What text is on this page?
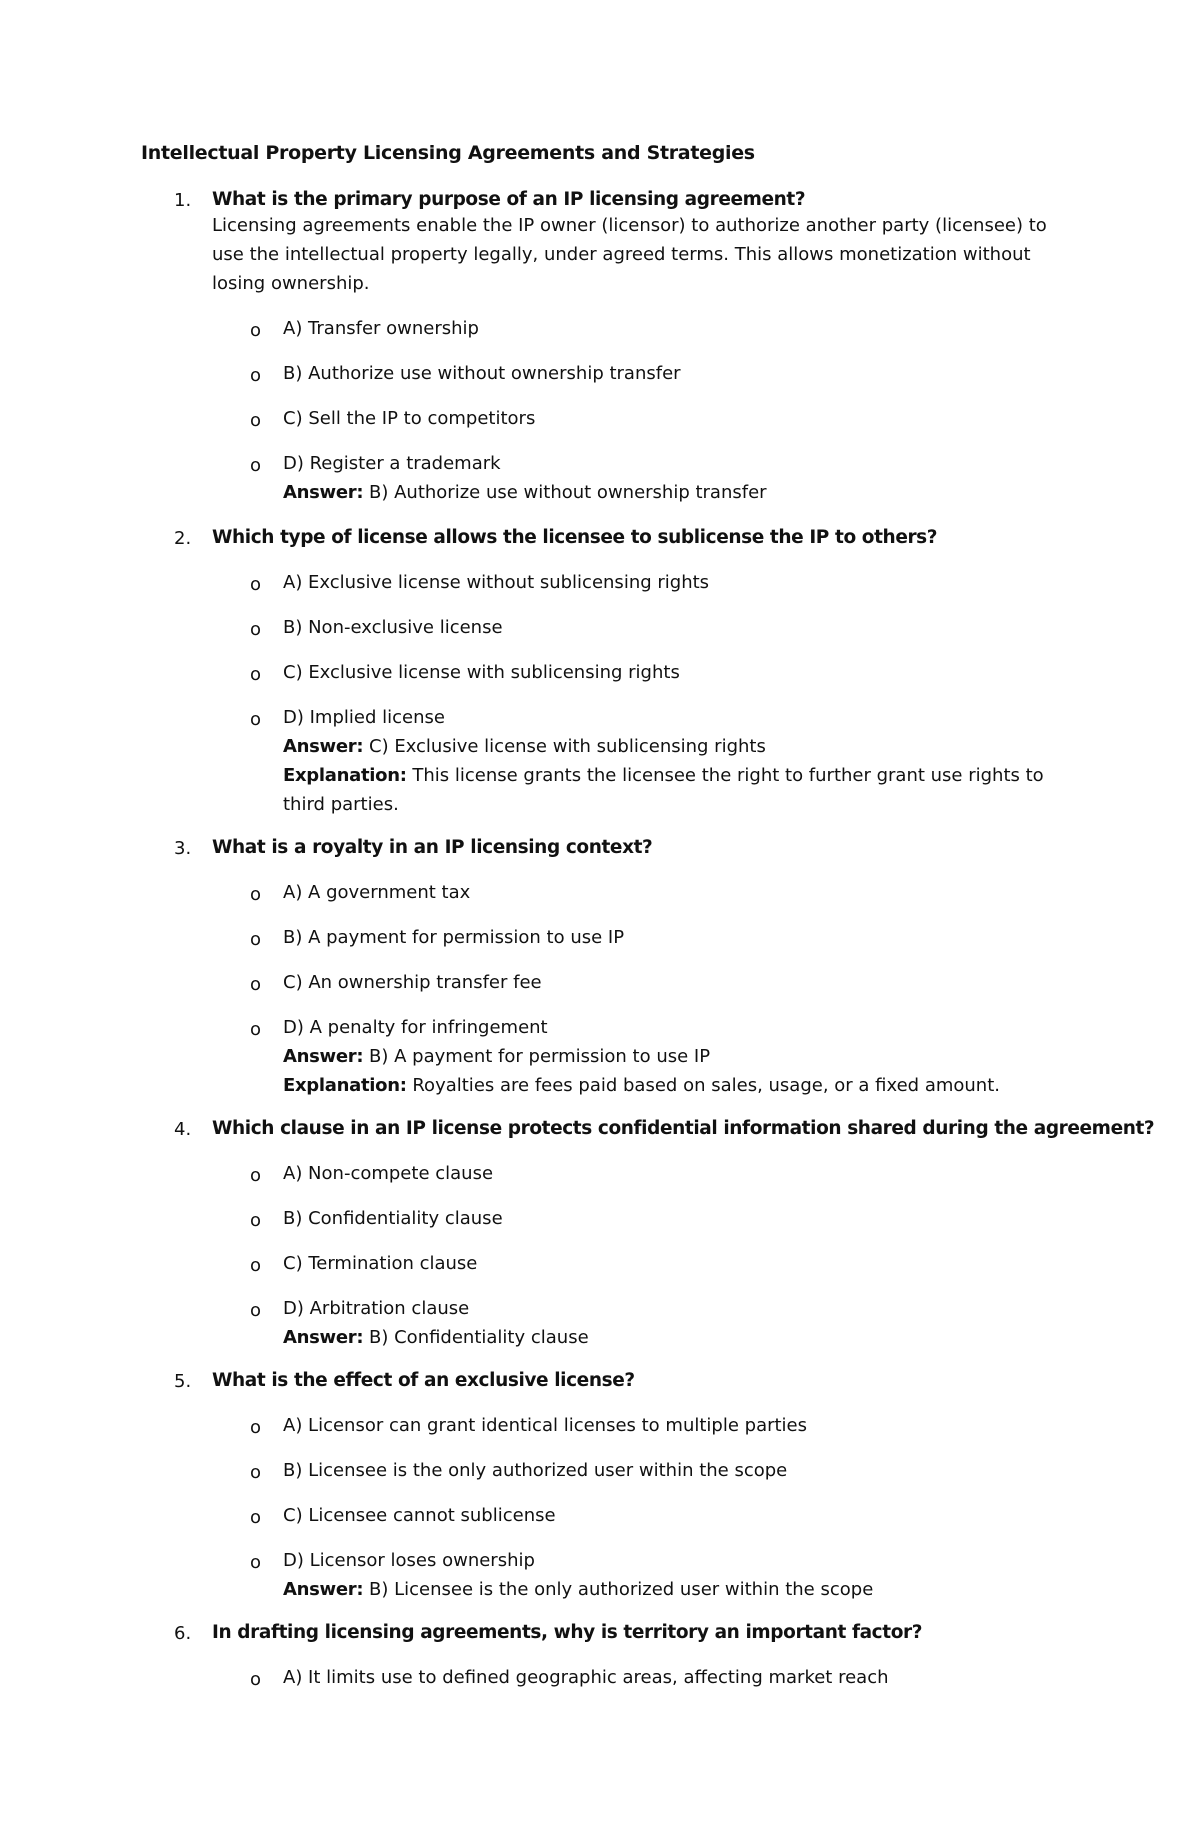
Intellectual Property Licensing Agreements and Strategies
1. What is the primary purpose of an IP licensing agreement?
Licensing agreements enable the IP owner (licensor) to authorize another party (licensee) to use the intellectual property legally, under agreed terms. This allows monetization without losing ownership.
o A) Transfer ownership
o B) Authorize use without ownership transfer
o C) Sell the IP to competitors
o D) Register a trademark
Answer: B) Authorize use without ownership transfer
2. Which type of license allows the licensee to sublicense the IP to others?
o A) Exclusive license without sublicensing rights
o B) Non-exclusive license
o C) Exclusive license with sublicensing rights
o D) Implied license
Answer: C) Exclusive license with sublicensing rights
Explanation: This license grants the licensee the right to further grant use rights to third parties.
3. What is a royalty in an IP licensing context?
o A) A government tax
o B) A payment for permission to use IP
o C) An ownership transfer fee
o D) A penalty for infringement
Answer: B) A payment for permission to use IP
Explanation: Royalties are fees paid based on sales, usage, or a fixed amount.
4. Which clause in an IP license protects confidential information shared during the agreement?
o A) Non-compete clause
o B) Confidentiality clause
o C) Termination clause
o D) Arbitration clause
Answer: B) Confidentiality clause
5. What is the effect of an exclusive license?
o A) Licensor can grant identical licenses to multiple parties
o B) Licensee is the only authorized user within the scope
o C) Licensee cannot sublicense
o D) Licensor loses ownership
Answer: B) Licensee is the only authorized user within the scope
6. In drafting licensing agreements, why is territory an important factor?
o A) It limits use to defined geographic areas, affecting market reach
